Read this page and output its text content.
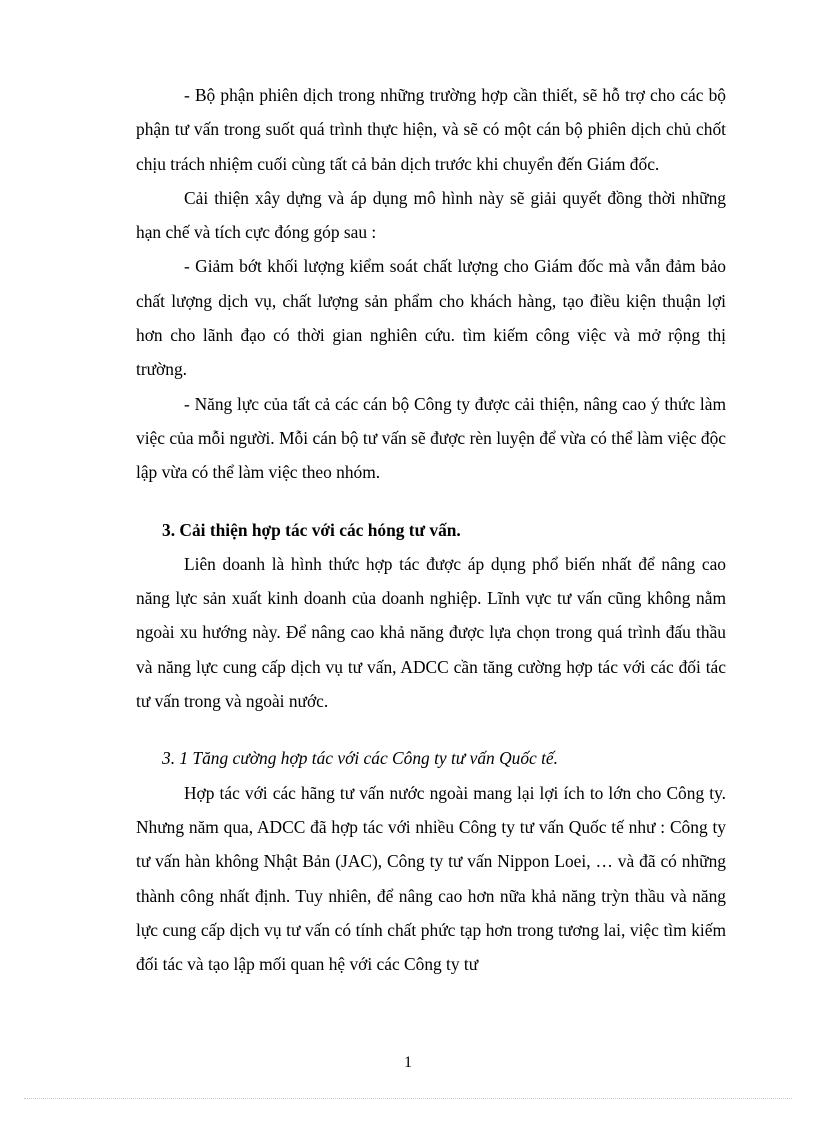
- Bộ phận phiên dịch trong những trường hợp cần thiết, sẽ hỗ trợ cho các bộ phận tư vấn trong suốt quá trình thực hiện, và sẽ có một cán bộ phiên dịch chủ chốt chịu trách nhiệm cuối cùng tất cả bản dịch trước khi chuyển đến Giám đốc.

Cải thiện xây dựng và áp dụng mô hình này sẽ giải quyết đồng thời những hạn chế và tích cực đóng góp sau :

- Giảm bớt khối lượng kiểm soát chất lượng cho Giám đốc mà vẫn đảm bảo chất lượng dịch vụ, chất lượng sản phẩm cho khách hàng, tạo điều kiện thuận lợi hơn cho lãnh đạo có thời gian nghiên cứu. tìm kiếm công việc và mở rộng thị trường.

- Năng lực của tất cả các cán bộ Công ty được cải thiện, nâng cao ý thức làm việc của mỗi người. Mỗi cán bộ tư vấn sẽ được rèn luyện để vừa có thể làm việc độc lập vừa có thể làm việc theo nhóm.

3. Cải thiện hợp tác với các hóng tư vấn.

Liên doanh là hình thức hợp tác được áp dụng phổ biến nhất để nâng cao năng lực sản xuất kinh doanh của doanh nghiệp. Lĩnh vực tư vấn cũng không nằm ngoài xu hướng này. Để nâng cao khả năng được lựa chọn trong quá trình đấu thầu và năng lực cung cấp dịch vụ tư vấn, ADCC cần tăng cường hợp tác với các đối tác tư vấn trong và ngoài nước.

3. 1 Tăng cường hợp tác với các Công ty tư vấn Quốc tế.

Hợp tác với các hãng tư vấn nước ngoài mang lại lợi ích to lớn cho Công ty. Nhưng năm qua, ADCC đã hợp tác với nhiều Công ty tư vấn Quốc tế như : Công ty tư vấn hàn không Nhật Bản (JAC), Công ty tư vấn Nippon Loei, … và đã có những thành công nhất định. Tuy nhiên, để nâng cao hơn nữa khả năng trỳn thầu và năng lực cung cấp dịch vụ tư vấn có tính chất phức tạp hơn trong tương lai, việc tìm kiếm đối tác và tạo lập mối quan hệ với các Công ty tư

1
